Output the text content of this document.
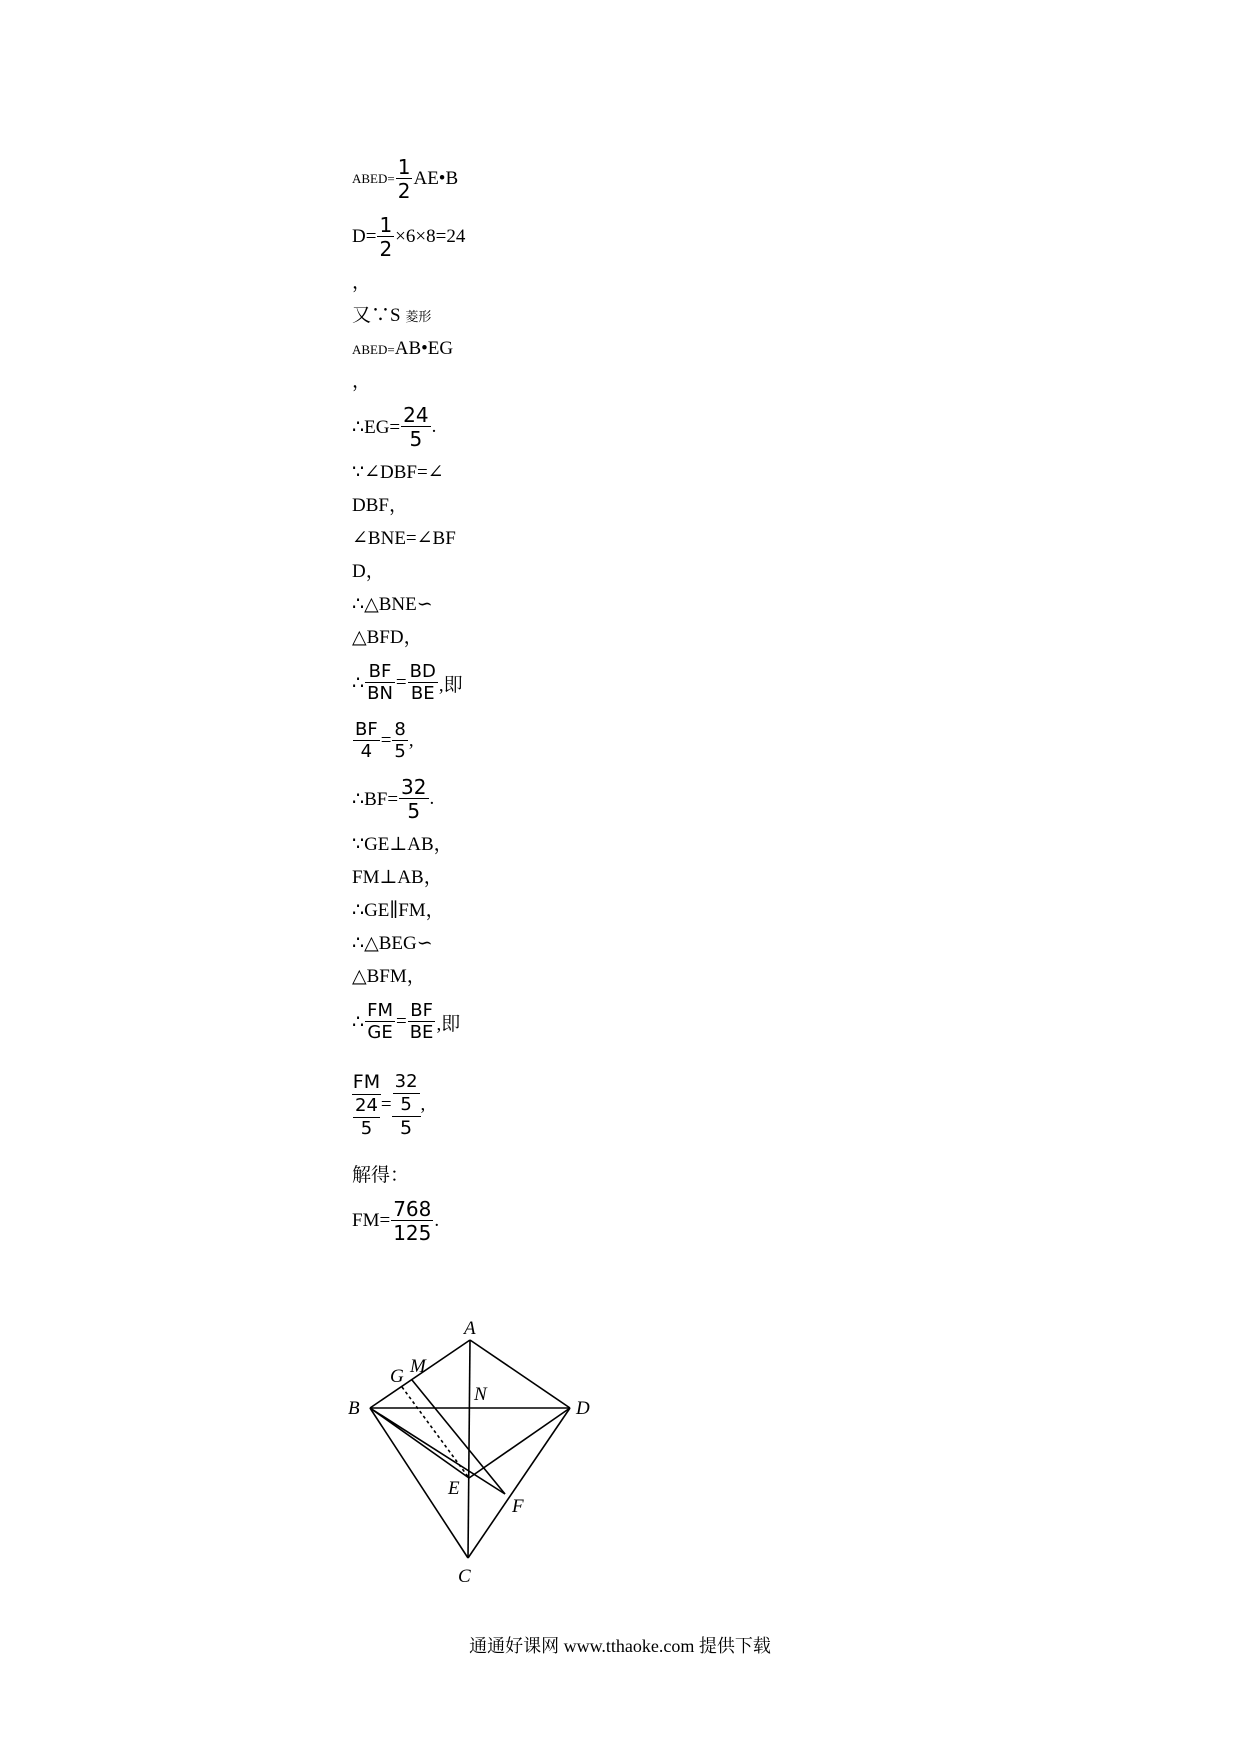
ABED= $\frac{1}{2}$ AE•B
$D= \frac{1}{2} \times 6\times 8=24$
，
又∵S 菱形
ABED=AB•EG
，
∴EG= $\frac{24}{5}$ .
∵∠DBF=∠
DBF，
∠BNE=∠BF
D，
∴△BNE∽
△BFD，
∴ $\frac{BF}{BN} = \frac{BD}{BE}$ ,即
$\frac{BF}{4} = \frac{8}{5}$ ,
∴BF= $\frac{32}{5}$ .
∵GE⊥AB，
FM⊥AB，
∴GE∥FM，
∴△BEG∽
△BFM，
∴ $\frac{FM}{GE} = \frac{BF}{BE}$ ,即
$\frac{FM}{\frac{24}{5}} = \frac{\frac{32}{5}}{5}$ ,
解得：
$FM= \frac{768}{125}$ .
A
B
C
D
E
F
G M
N
通通好课网 www.tthaoke.com 提供下载
